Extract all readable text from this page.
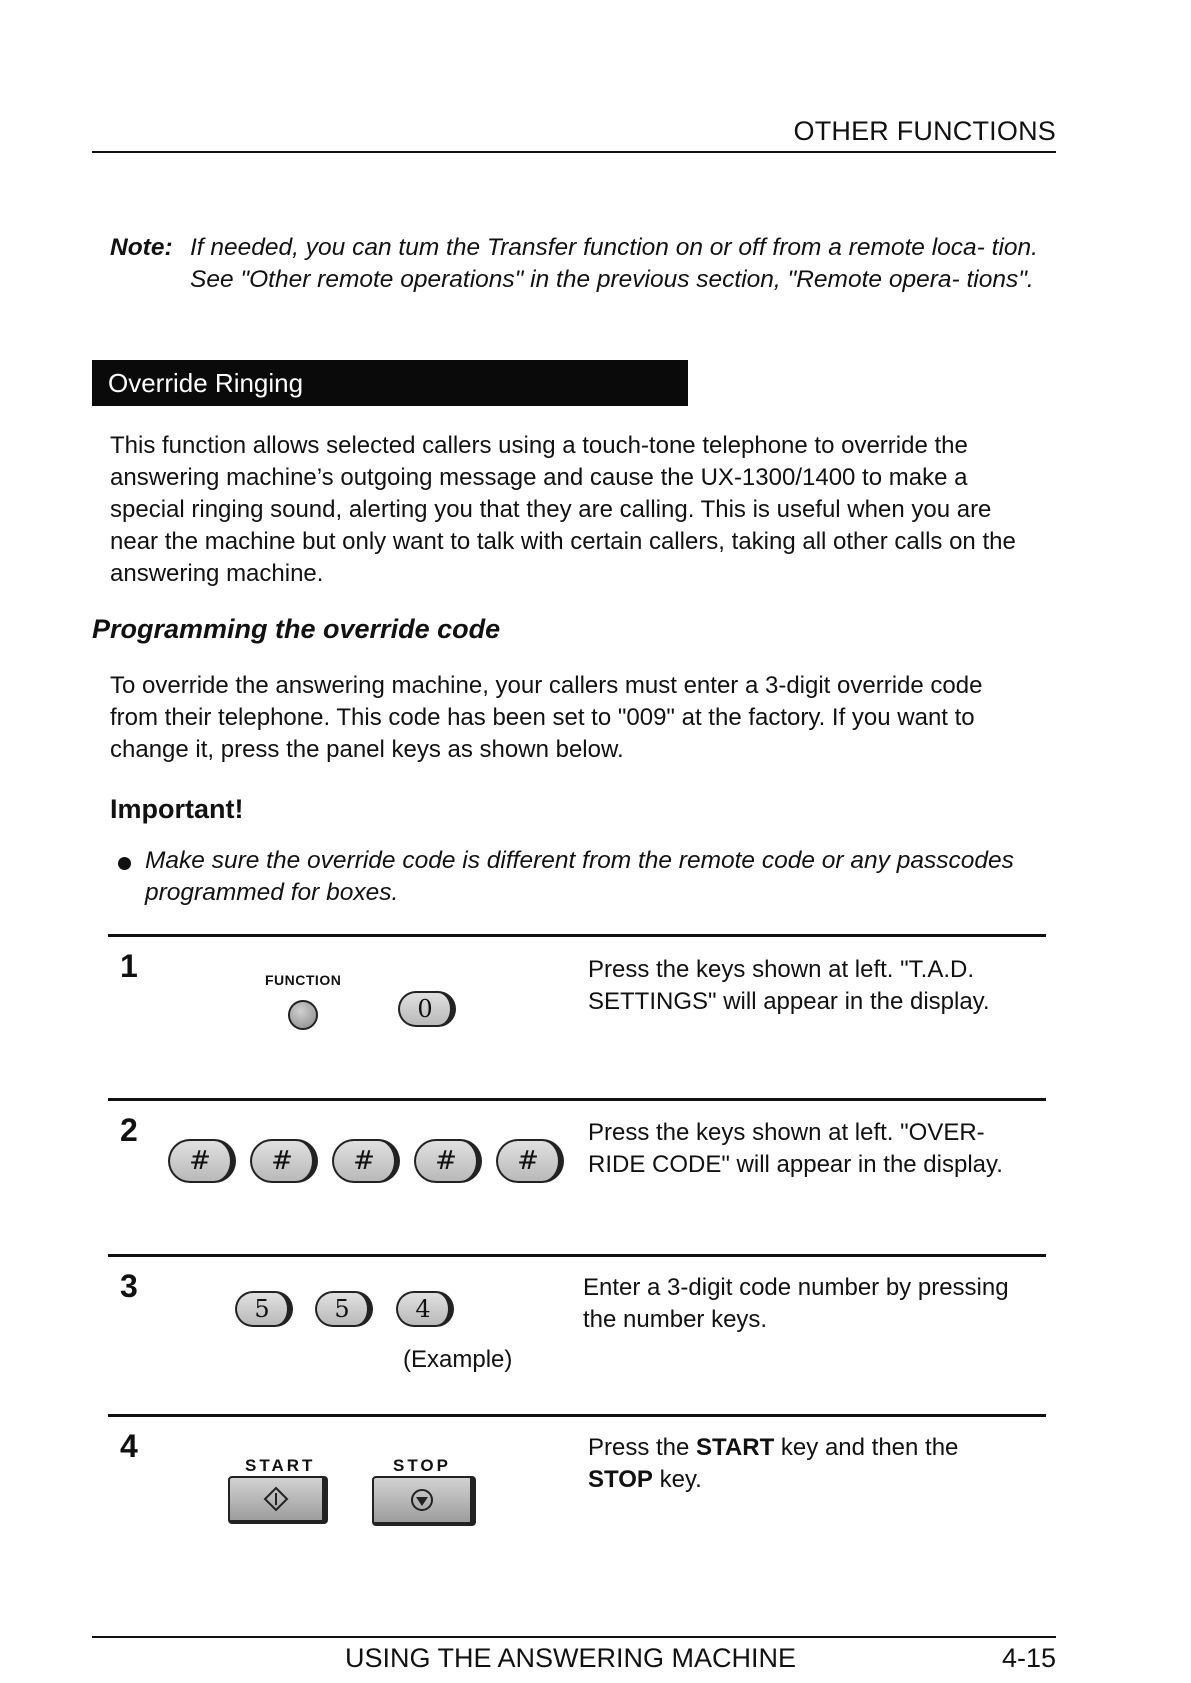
OTHER FUNCTIONS
Note: If needed, you can tum the Transfer function on or off from a remote loca- tion. See "Other remote operations" in the previous section, "Remote opera- tions".
Override Ringing
This function allows selected callers using a touch-tone telephone to override the answering machine’s outgoing message and cause the UX-1300/1400 to make a special ringing sound, alerting you that they are calling. This is useful when you are near the machine but only want to talk with certain callers, taking all other calls on the answering machine.
Programming the override code
To override the answering machine, your callers must enter a 3-digit override code from their telephone. This code has been set to "009" at the factory. If you want to change it, press the panel keys as shown below.
Important!
Make sure the override code is different from the remote code or any passcodes programmed for boxes.
1	FUNCTION
0
Press the keys shown at left. "T.A.D. SETTINGS" will appear in the display.
2
#	#	#	#	#
Press the keys shown at left. "OVER- RIDE CODE" will appear in the display.
3
5	5	4
(Example)
Enter a 3-digit code number by pressing the number keys.
4
START	STOP
Press the START key and then the
STOP key.
USING THE ANSWERING MACHINE	4-15
